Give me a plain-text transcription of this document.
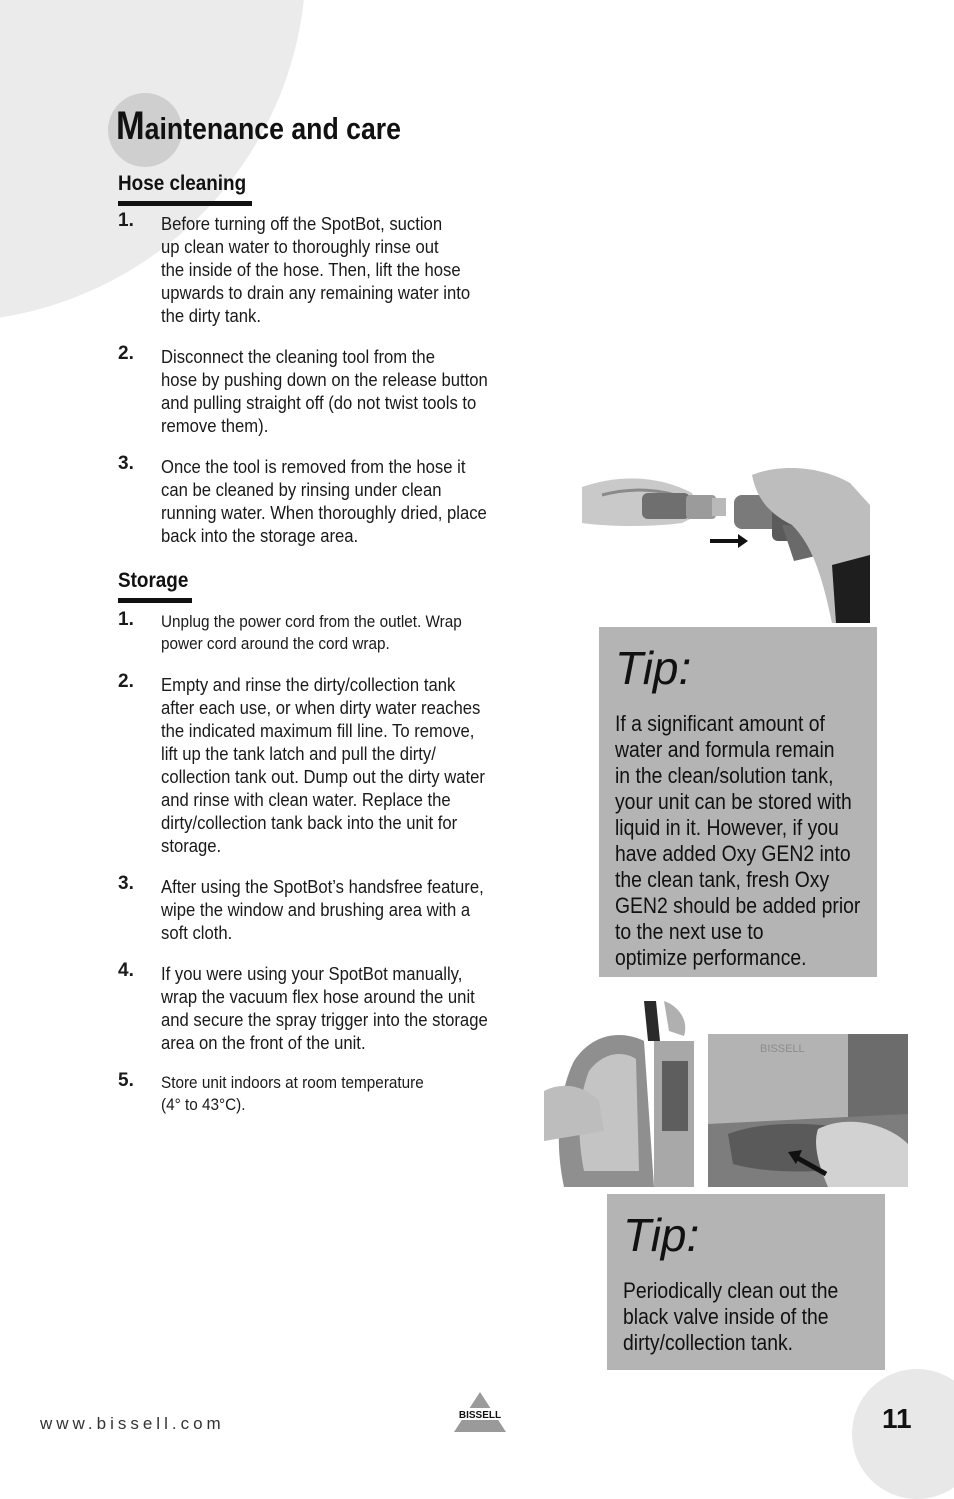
Maintenance and care
Hose cleaning
1. Before turning off the SpotBot, suction
up clean water to thoroughly rinse out
the inside of the hose. Then, lift the hose
upwards to drain any remaining water into
the dirty tank.
2. Disconnect the cleaning tool from the
hose by pushing down on the release button
and pulling straight off (do not twist tools to
remove them).
3. Once the tool is removed from the hose it
can be cleaned by rinsing under clean
running water. When thoroughly dried, place
back into the storage area.
Storage
1. Unplug the power cord from the outlet. Wrap
power cord around the cord wrap.
2. Empty and rinse the dirty/collection tank
after each use, or when dirty water reaches
the indicated maximum fill line. To remove,
lift up the tank latch and pull the dirty/
collection tank out. Dump out the dirty water
and rinse with clean water. Replace the
dirty/collection tank back into the unit for
storage.
3. After using the SpotBot’s handsfree feature,
wipe the window and brushing area with a
soft cloth.
4. If you were using your SpotBot manually,
wrap the vacuum flex hose around the unit
and secure the spray trigger into the storage
area on the front of the unit.
5. Store unit indoors at room temperature
(4° to 43°C).
Tip:
If a significant amount of
water and formula remain
in the clean/solution tank,
your unit can be stored with
liquid in it. However, if you
have added Oxy GEN2 into
the clean tank, fresh Oxy
GEN2 should be added prior
to the next use to
optimize performance.
BISSELL
Tip:
Periodically clean out the
black valve inside of the
dirty/collection tank.
www.bissell.com	BISSELL	11
